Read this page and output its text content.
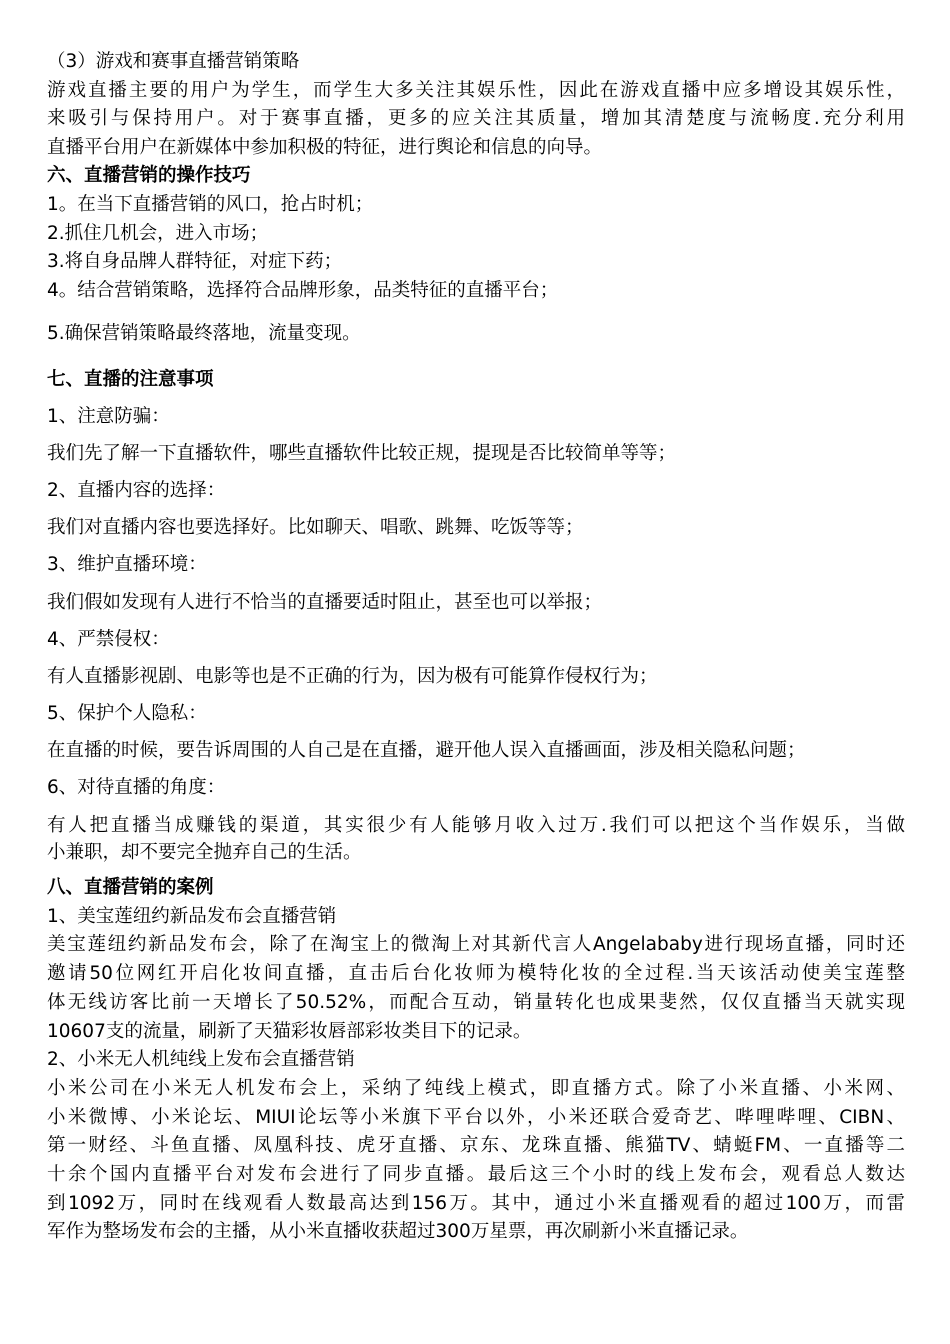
（3）游戏和赛事直播营销策略
游戏直播主要的用户为学生，而学生大多关注其娱乐性，因此在游戏直播中应多增设其娱乐性，
来吸引与保持用户。对于赛事直播，更多的应关注其质量，增加其清楚度与流畅度.充分利用
直播平台用户在新媒体中参加积极的特征，进行舆论和信息的向导。
六、直播营销的操作技巧
1。在当下直播营销的风口，抢占时机；
2.抓住几机会，进入市场；
3.将自身品牌人群特征，对症下药；
4。结合营销策略，选择符合品牌形象，品类特征的直播平台；
5.确保营销策略最终落地，流量变现。
七、直播的注意事项
1、注意防骗：
我们先了解一下直播软件，哪些直播软件比较正规，提现是否比较简单等等；
2、直播内容的选择：
我们对直播内容也要选择好。比如聊天、唱歌、跳舞、吃饭等等；
3、维护直播环境：
我们假如发现有人进行不恰当的直播要适时阻止，甚至也可以举报；
4、严禁侵权：
有人直播影视剧、电影等也是不正确的行为，因为极有可能算作侵权行为；
5、保护个人隐私：
在直播的时候，要告诉周围的人自己是在直播，避开他人误入直播画面，涉及相关隐私问题；
6、对待直播的角度：
有人把直播当成赚钱的渠道，其实很少有人能够月收入过万.我们可以把这个当作娱乐，当做
小兼职，却不要完全抛弃自己的生活。
八、直播营销的案例
1、美宝莲纽约新品发布会直播营销
美宝莲纽约新品发布会，除了在淘宝上的微淘上对其新代言人Angelababy进行现场直播，同时还
邀请50位网红开启化妆间直播，直击后台化妆师为模特化妆的全过程.当天该活动使美宝莲整
体无线访客比前一天增长了50.52%，而配合互动，销量转化也成果斐然，仅仅直播当天就实现
10607支的流量，刷新了天猫彩妆唇部彩妆类目下的记录。
2、小米无人机纯线上发布会直播营销
小米公司在小米无人机发布会上，采纳了纯线上模式，即直播方式。除了小米直播、小米网、
小米微博、小米论坛、MIUI论坛等小米旗下平台以外，小米还联合爱奇艺、哔哩哔哩、CIBN、
第一财经、斗鱼直播、凤凰科技、虎牙直播、京东、龙珠直播、熊猫TV、蜻蜓FM、一直播等二
十余个国内直播平台对发布会进行了同步直播。最后这三个小时的线上发布会，观看总人数达
到1092万，同时在线观看人数最高达到156万。其中，通过小米直播观看的超过100万，而雷
军作为整场发布会的主播，从小米直播收获超过300万星票，再次刷新小米直播记录。
